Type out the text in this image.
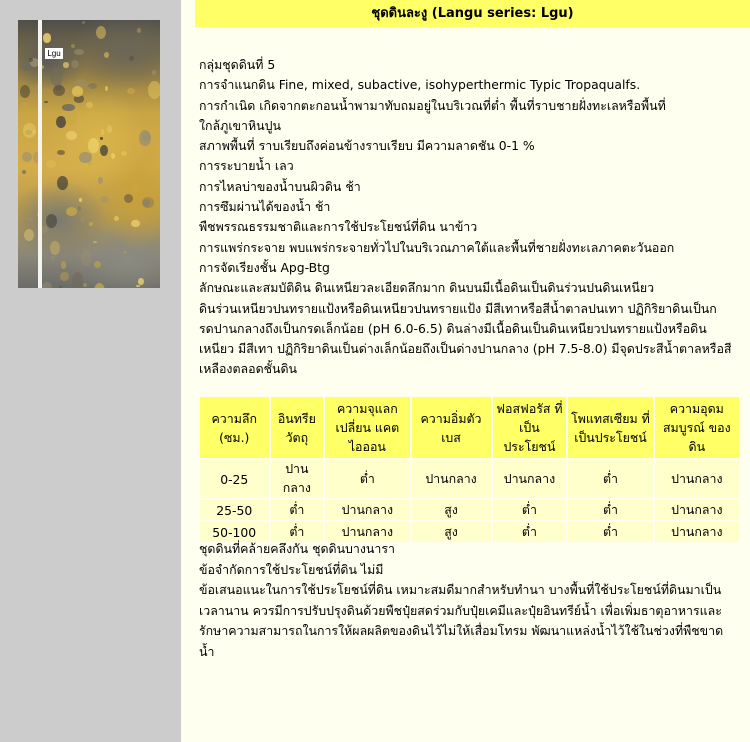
Lgu
ชุดดินละงู (Langu series: Lgu)

กลุ่มชุดดินที่ 5

การจำแนกดิน Fine, mixed, subactive, isohyperthermic Typic Tropaqualfs.

การกำเนิด เกิดจากตะกอนน้ำพามาทับถมอยู่ในบริเวณที่ต่ำ พื้นที่ราบชายฝั่งทะเลหรือพื้นที่

ใกล้ภูเขาหินปูน

สภาพพื้นที่ ราบเรียบถึงค่อนข้างราบเรียบ มีความลาดชัน 0-1 %

การระบายน้ำ เลว

การไหลบ่าของน้ำบนผิวดิน ช้า

การซึมผ่านได้ของน้ำ ช้า

พืชพรรณธรรมชาติและการใช้ประโยชน์ที่ดิน นาข้าว

การแพร่กระจาย พบแพร่กระจายทั่วไปในบริเวณภาคใต้และพื้นที่ชายฝั่งทะเลภาคตะวันออก

การจัดเรียงชั้น Apg-Btg

ลักษณะและสมบัติดิน ดินเหนียวละเอียดลึกมาก ดินบนมีเนื้อดินเป็นดินร่วนปนดินเหนียว

ดินร่วนเหนียวปนทรายแป้งหรือดินเหนียวปนทรายแป้ง มีสีเทาหรือสีน้ำตาลปนเทา ปฏิกิริยาดินเป็นก

รดปานกลางถึงเป็นกรดเล็กน้อย (pH 6.0-6.5) ดินล่างมีเนื้อดินเป็นดินเหนียวปนทรายแป้งหรือดิน

เหนียว มีสีเทา ปฏิกิริยาดินเป็นด่างเล็กน้อยถึงเป็นด่างปานกลาง (pH 7.5-8.0) มีจุดประสีน้ำตาลหรือสี

เหลืองตลอดชั้นดิน

ความลึก (ซม.)	อินทรีย วัตถุ	ความจุแลก เปลี่ยน แคตไอออน	ความอิ่มตัว เบส	ฟอสฟอรัส ที่เป็น ประโยชน์	โพแทสเซียม ที่เป็นประโยชน์	ความอุดม สมบูรณ์ ของดิน
0-25	ปานกลาง	ต่ำ	ปานกลาง	ปานกลาง	ต่ำ	ปานกลาง
25-50	ต่ำ	ปานกลาง	สูง	ต่ำ	ต่ำ	ปานกลาง
50-100	ต่ำ	ปานกลาง	สูง	ต่ำ	ต่ำ	ปานกลาง

ชุดดินที่คล้ายคลึงกัน ชุดดินบางนารา

ข้อจำกัดการใช้ประโยชน์ที่ดิน ไม่มี

ข้อเสนอแนะในการใช้ประโยชน์ที่ดิน เหมาะสมดีมากสำหรับทำนา บางพื้นที่ใช้ประโยชน์ที่ดินมาเป็น

เวลานาน ควรมีการปรับปรุงดินด้วยพืชปุ๋ยสดร่วมกับปุ๋ยเคมีและปุ๋ยอินทรีย์น้ำ เพื่อเพิ่มธาตุอาหารและ

รักษาความสามารถในการให้ผลผลิตของดินไว้ไม่ให้เสื่อมโทรม พัฒนาแหล่งน้ำไว้ใช้ในช่วงที่พืชขาด

น้ำ
